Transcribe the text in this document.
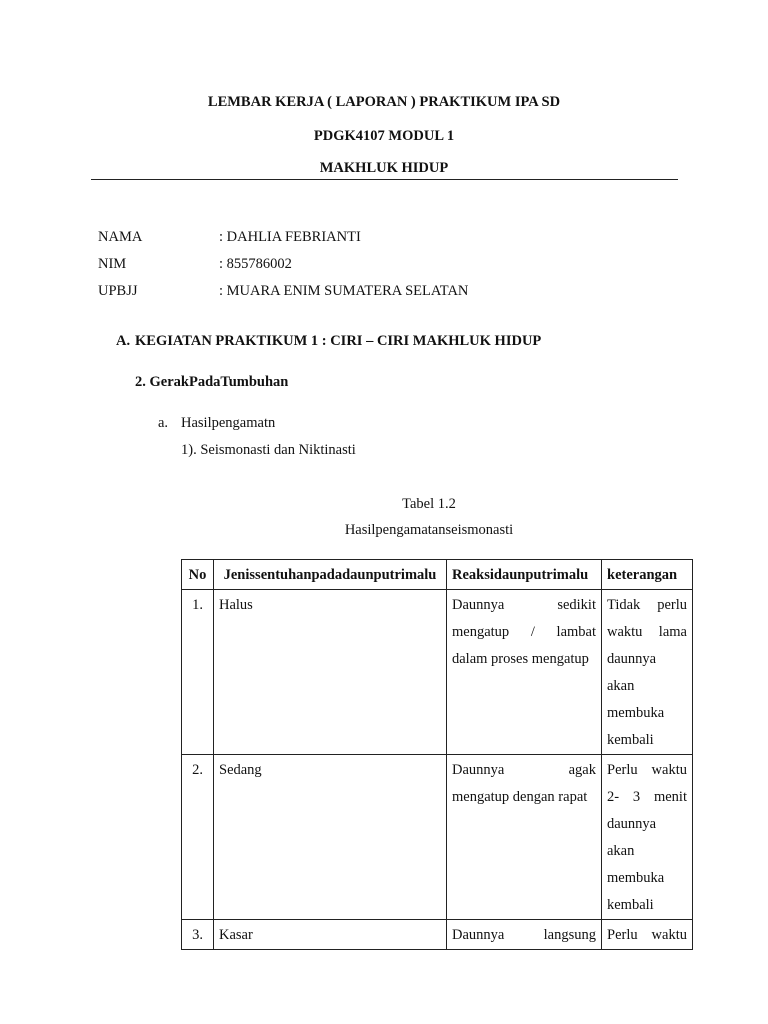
LEMBAR KERJA ( LAPORAN ) PRAKTIKUM IPA SD
PDGK4107 MODUL 1
MAKHLUK HIDUP
NAMA	: DAHLIA FEBRIANTI
NIM	: 855786002
UPBJJ	: MUARA ENIM SUMATERA SELATAN
A. KEGIATAN PRAKTIKUM 1 : CIRI – CIRI MAKHLUK HIDUP
2. GerakPadaTumbuhan
a. Hasilpengamatn
1). Seismonasti dan Niktinasti
Tabel 1.2
Hasilpengamatanseismonasti
No	Jenissentuhanpadadaunputrimalu	Reaksidaunputrimalu	keterangan
1.	Halus	Daunnya sedikit mengatup / lambat dalam proses mengatup	Tidak perlu waktu lama daunnya akan membuka kembali
2.	Sedang	Daunnya agak mengatup dengan rapat	Perlu waktu 2- 3 menit daunnya akan membuka kembali
3.	Kasar	Daunnya langsung	Perlu waktu
